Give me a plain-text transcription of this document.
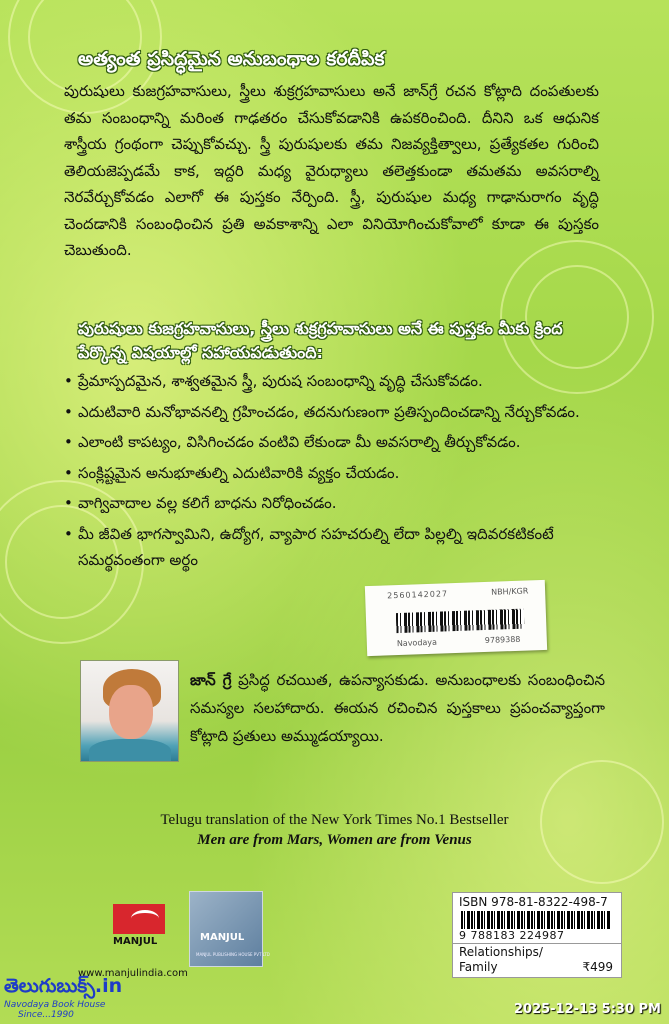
అత్యంత ప్రసిద్ధమైన అనుబంధాల కరదీపిక

పురుషులు కుజగ్రహవాసులు, స్త్రీలు శుక్రగ్రహవాసులు అనే జాన్‌గ్రే రచన కోట్లాది దంపతులకు తమ సంబంధాన్ని మరింత గాఢతరం చేసుకోవడానికి ఉపకరించింది. దీనిని ఒక ఆధునిక శాస్త్రీయ గ్రంథంగా చెప్పుకోవచ్చు. స్త్రీ పురుషులకు తమ నిజవ్యక్తిత్వాలు, ప్రత్యేకతల గురించి తెలియజెప్పడమే కాక, ఇద్దరి మధ్య వైరుధ్యాలు తలెత్తకుండా తమతమ అవసరాల్ని నెరవేర్చుకోవడం ఎలాగో ఈ పుస్తకం నేర్పింది. స్త్రీ, పురుషుల మధ్య గాఢానురాగం వృద్ధి చెందడానికి సంబంధించిన ప్రతి అవకాశాన్ని ఎలా వినియోగించుకోవాలో కూడా ఈ పుస్తకం చెబుతుంది.

పురుషులు కుజగ్రహవాసులు, స్త్రీలు శుక్రగ్రహవాసులు అనే ఈ పుస్తకం మీకు క్రింద పేర్కొన్న విషయాల్లో సహాయపడుతుంది:
• ప్రేమాస్పదమైన, శాశ్వతమైన స్త్రీ, పురుష సంబంధాన్ని వృద్ధి చేసుకోవడం.
• ఎదుటివారి మనోభావనల్ని గ్రహించడం, తదనుగుణంగా ప్రతిస్పందించడాన్ని నేర్చుకోవడం.
• ఎలాంటి కాపట్యం, విసిగించడం వంటివి లేకుండా మీ అవసరాల్ని తీర్చుకోవడం.
• సంక్లిష్టమైన అనుభూతుల్ని ఎదుటివారికి వ్యక్తం చేయడం.
• వాగ్వివాదాల వల్ల కలిగే బాధను నిరోధించడం.
• మీ జీవిత భాగస్వామిని, ఉద్యోగ, వ్యాపార సహచరుల్ని లేదా పిల్లల్ని ఇదివరకటికంటే సమర్థవంతంగా అర్థం
2560142027	NBH/KGR
Navodaya	9789388

జాన్ గ్రే ప్రసిద్ధ రచయిత, ఉపన్యాసకుడు. అనుబంధాలకు సంబంధించిన సమస్యల సలహాదారు. ఈయన రచించిన పుస్తకాలు ప్రపంచవ్యాప్తంగా కోట్లాది ప్రతులు అమ్ముడయ్యాయి.

Telugu translation of the New York Times No.1 Bestseller
Men are from Mars, Women are from Venus
MANJUL	MANJUL
MANJUL PUBLISHING HOUSE PVT LTD
www.manjulindia.com
ISBN 978-81-8322-498-7
9 788183 224987
Relationships/
Family	₹499
తెలుగుబుక్స్.in
Navodaya Book House
Since...1990	2025-12-13 5:30 PM
